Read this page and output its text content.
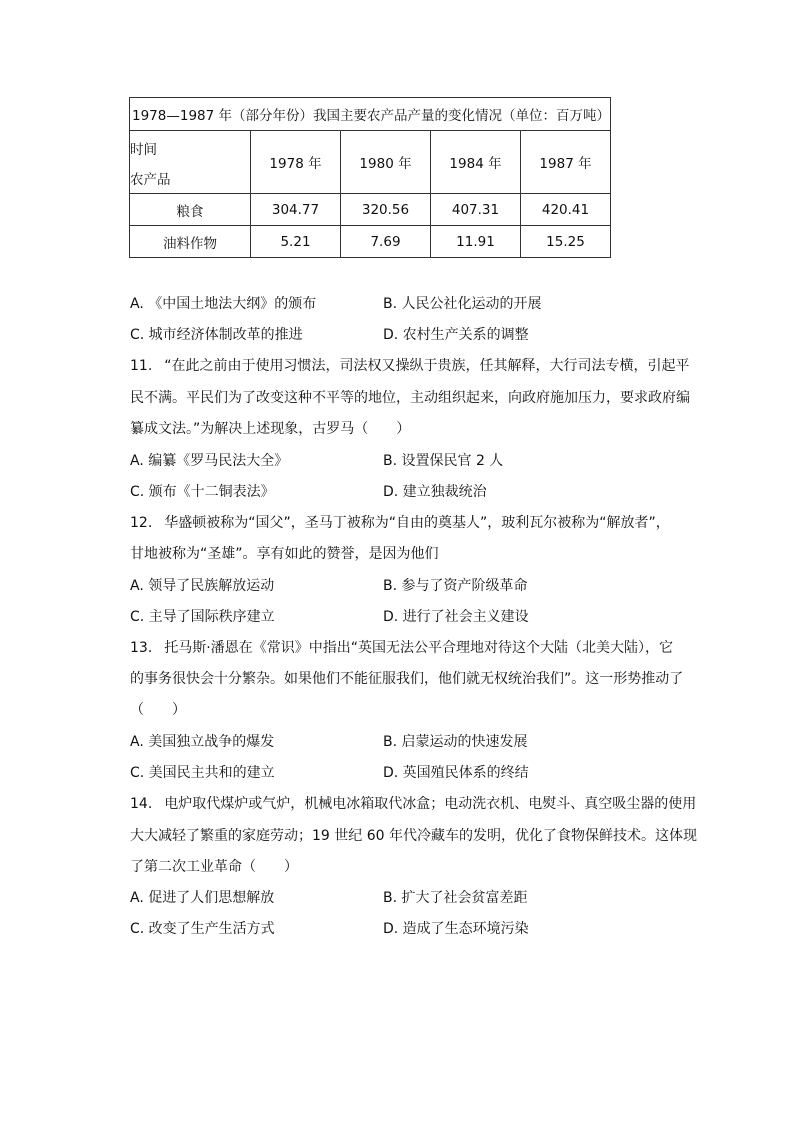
1978—1987 年（部分年份）我国主要农产品产量的变化情况（单位：百万吨）				

时间
农产品	1978 年	1980 年	1984 年	1987 年
粮食	304.77	320.56	407.31	420.41
油料作物	5.21	7.69	11.91	15.25
A. 《中国土地法大纲》的颁布	B. 人民公社化运动的开展
C. 城市经济体制改革的推进	D. 农村生产关系的调整
11. “在此之前由于使用习惯法，司法权又操纵于贵族，任其解释，大行司法专横，引起平
民不满。平民们为了改变这种不平等的地位，主动组织起来，向政府施加压力，要求政府编
纂成文法。”为解决上述现象，古罗马（　　）
A. 编纂《罗马民法大全》	B. 设置保民官 2 人
C. 颁布《十二铜表法》	D. 建立独裁统治
12. 华盛顿被称为“国父”，圣马丁被称为“自由的奠基人”，玻利瓦尔被称为“解放者”，
甘地被称为“圣雄”。享有如此的赞誉，是因为他们
A. 领导了民族解放运动	B. 参与了资产阶级革命
C. 主导了国际秩序建立	D. 进行了社会主义建设
13. 托马斯·潘恩在《常识》中指出“英国无法公平合理地对待这个大陆（北美大陆），它
的事务很快会十分繁杂。如果他们不能征服我们，他们就无权统治我们”。这一形势推动了
（　　）
A. 美国独立战争的爆发	B. 启蒙运动的快速发展
C. 美国民主共和的建立	D. 英国殖民体系的终结
14. 电炉取代煤炉或气炉，机械电冰箱取代冰盒；电动洗衣机、电熨斗、真空吸尘器的使用
大大减轻了繁重的家庭劳动；19 世纪 60 年代冷藏车的发明，优化了食物保鲜技术。这体现
了第二次工业革命（　　）
A. 促进了人们思想解放	B. 扩大了社会贫富差距
C. 改变了生产生活方式	D. 造成了生态环境污染
